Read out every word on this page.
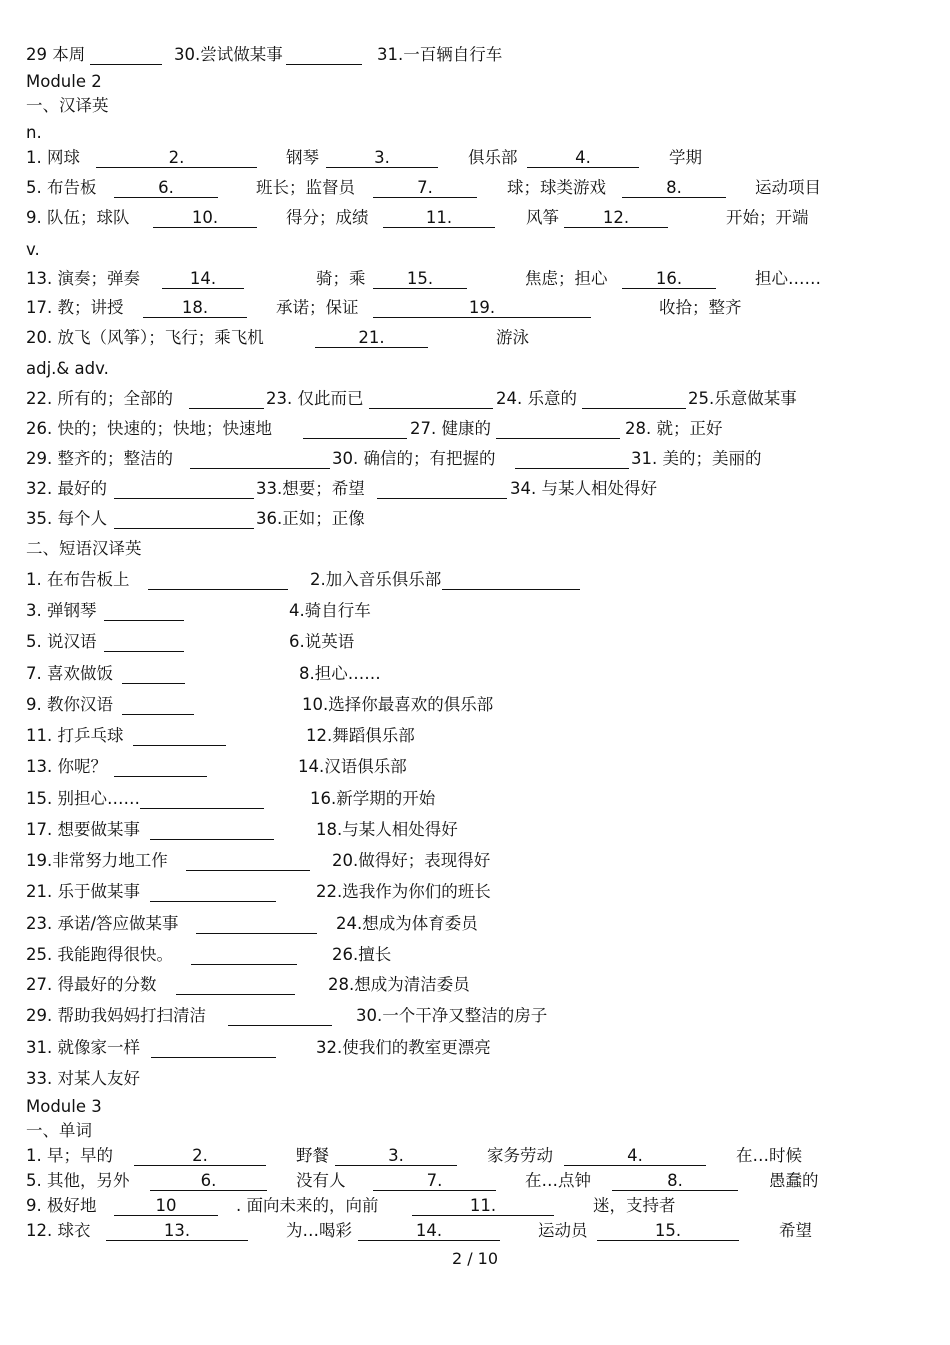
29 本周	30.尝试做某事	31.一百辆自行车
Module 2
一、汉译英
n.
1. 网球	2.	钢琴	3.	俱乐部	4.	学期
5. 布告板	6.	班长；监督员	7.	球；球类游戏	8.	运动项目
9. 队伍；球队	10.	得分；成绩	11.	风筝	12.	开始；开端
v.
13. 演奏；弹奏	14.	骑；乘	15.	焦虑；担心	16.	担心……
17. 教；讲授	18.	承诺；保证	19.	收拾；整齐
20. 放飞（风筝）；飞行；乘飞机	21.	游泳
adj.& adv.
22. 所有的；全部的	23. 仅此而已	24. 乐意的	25.乐意做某事
26. 快的；快速的；快地；快速地	27. 健康的	28. 就；正好
29. 整齐的；整洁的	30. 确信的；有把握的	31. 美的；美丽的
32. 最好的	33.想要；希望	34. 与某人相处得好
35. 每个人	36.正如；正像
二、短语汉译英
1. 在布告板上	2.加入音乐俱乐部
3. 弹钢琴	4.骑自行车
5. 说汉语	6.说英语
7. 喜欢做饭	8.担心……
9. 教你汉语	10.选择你最喜欢的俱乐部
11. 打乒乓球	12.舞蹈俱乐部
13. 你呢？	14.汉语俱乐部
15. 别担心……	16.新学期的开始
17. 想要做某事	18.与某人相处得好
19.非常努力地工作	20.做得好；表现得好
21. 乐于做某事	22.选我作为你们的班长
23. 承诺/答应做某事	24.想成为体育委员
25. 我能跑得很快。	26.擅长
27. 得最好的分数	28.想成为清洁委员
29. 帮助我妈妈打扫清洁	30.一个干净又整洁的房子
31. 就像家一样	32.使我们的教室更漂亮
33. 对某人友好
Module 3
一、单词
1. 早；早的	2.	野餐	3.	家务劳动	4.	在…时候
5. 其他，另外	6.	没有人	7.	在…点钟	8.	愚蠢的
9. 极好地	10	. 面向未来的，向前	11.	迷，支持者
12. 球衣	13.	为…喝彩	14.	运动员	15.	希望
2 / 10
